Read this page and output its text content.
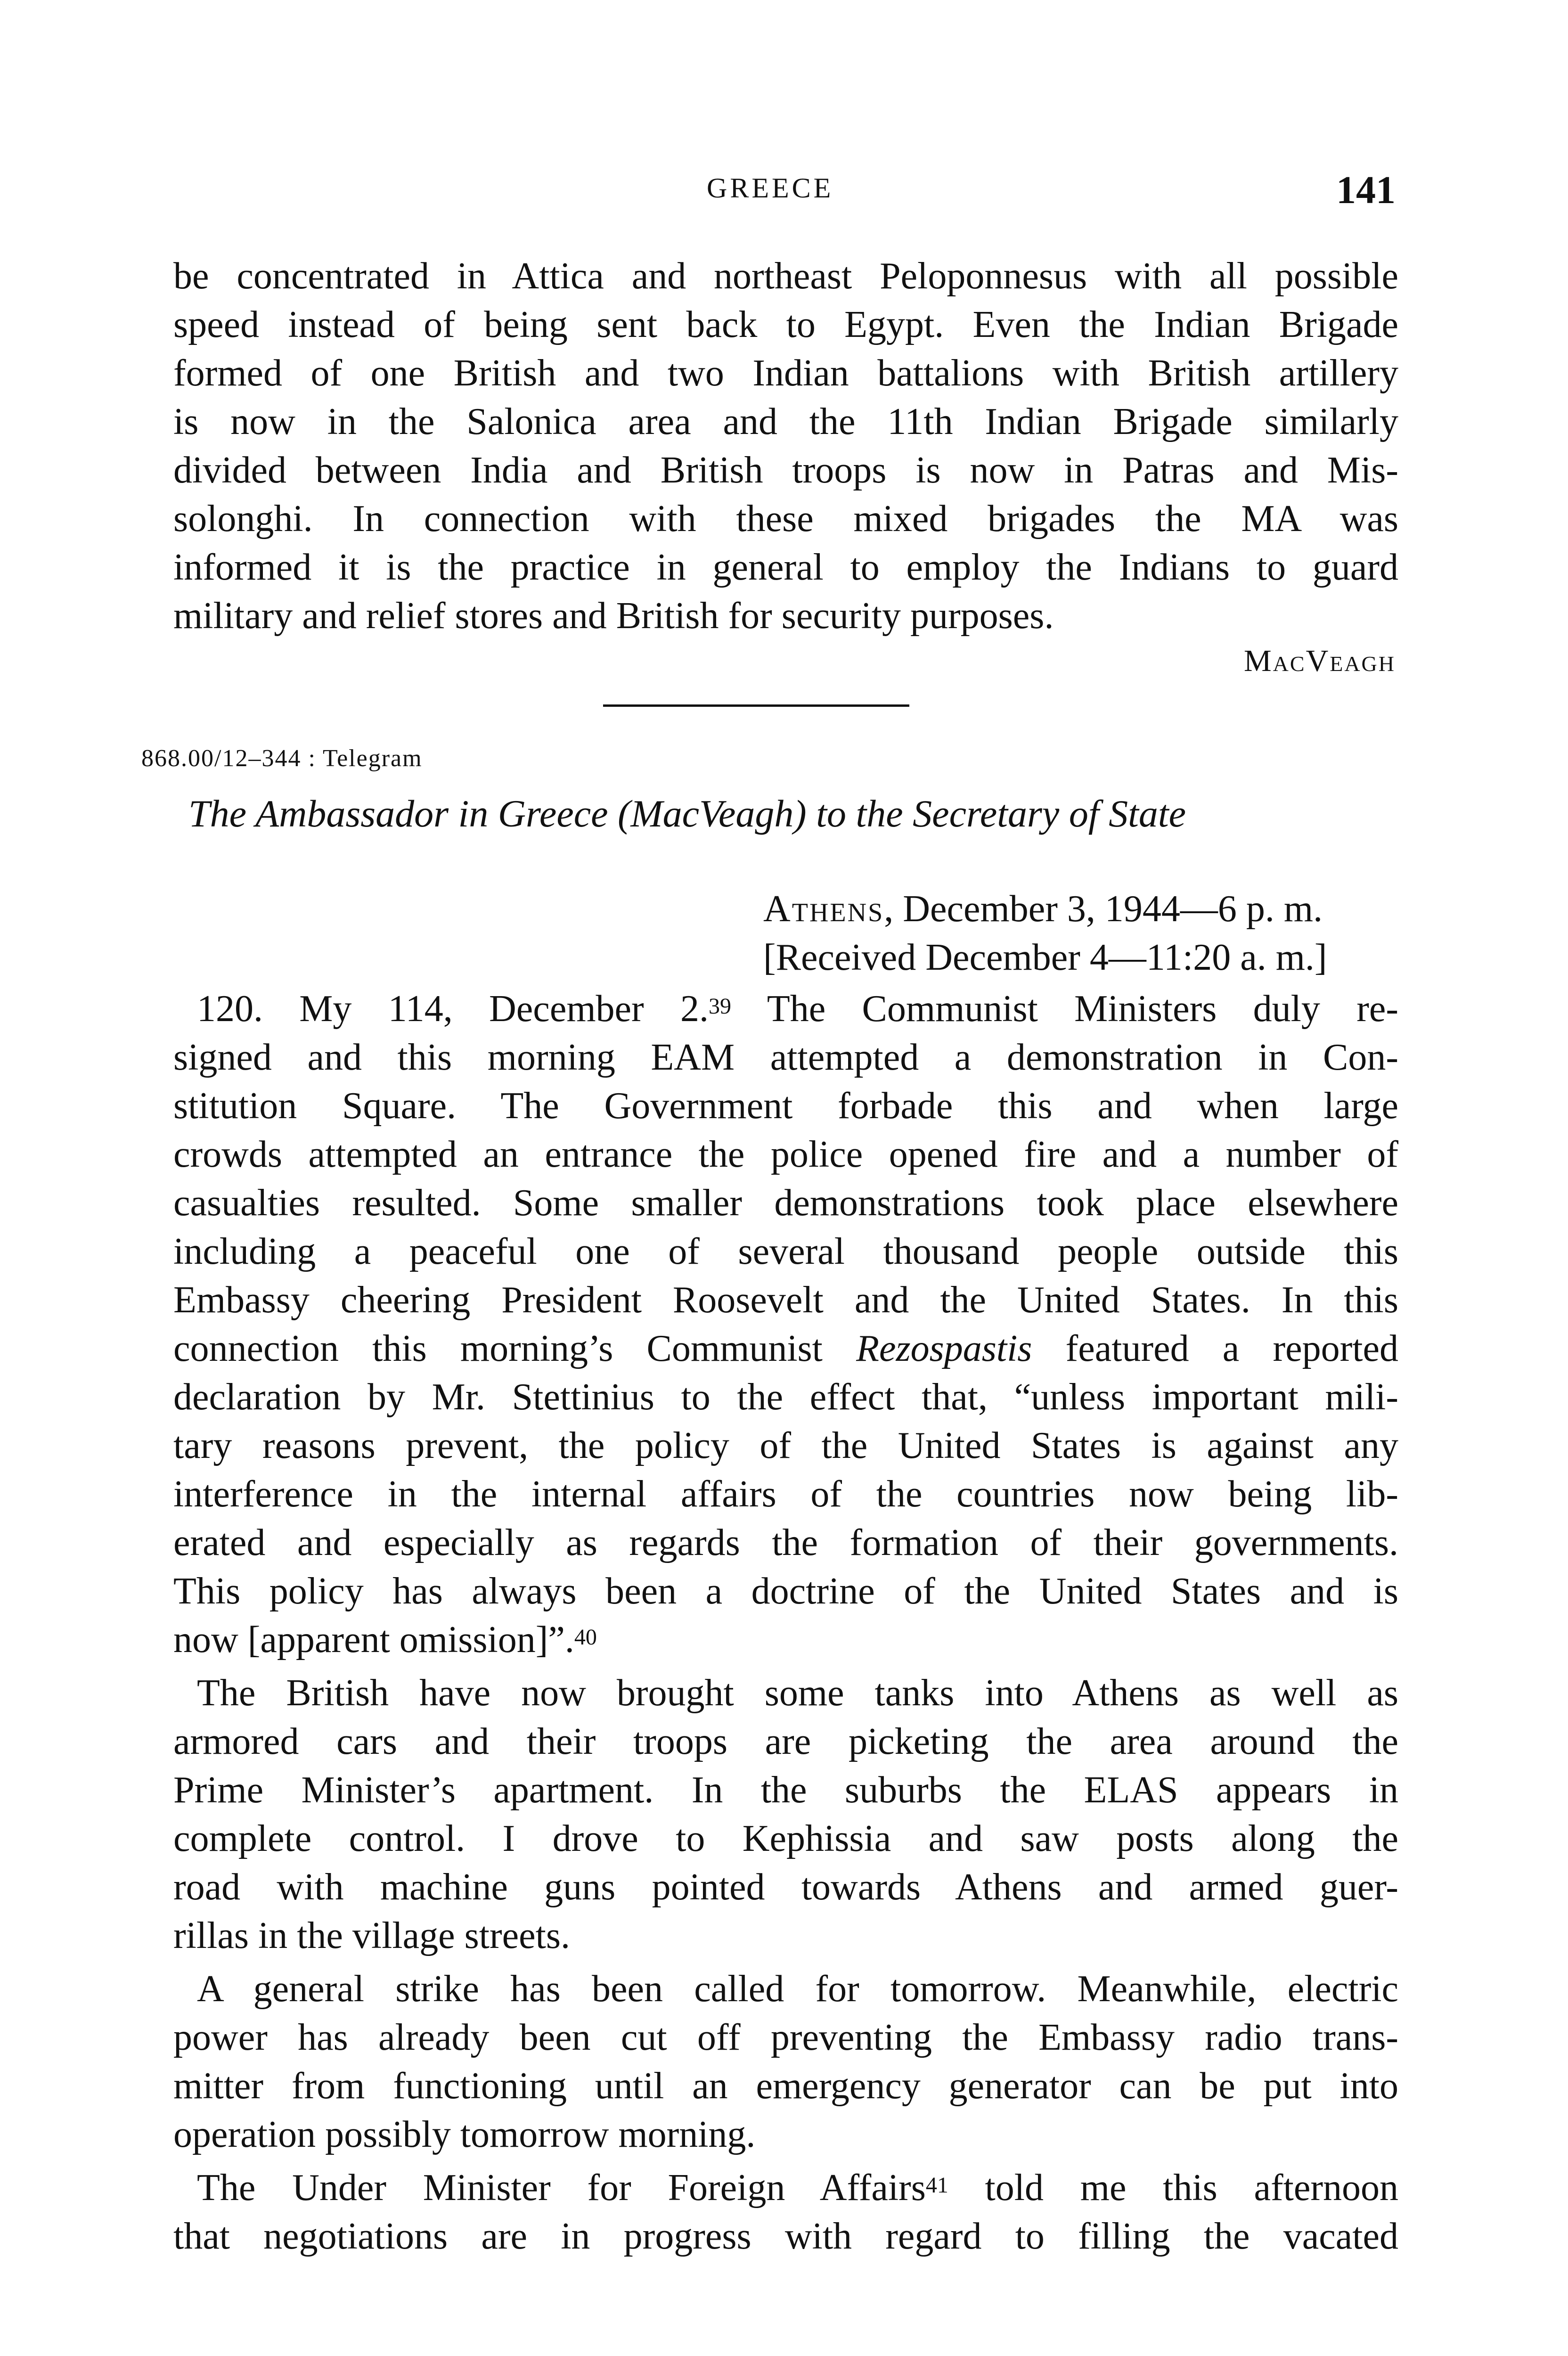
GREECE	141

be concentrated in Attica and northeast Peloponnesus with all possible

speed instead of being sent back to Egypt. Even the Indian Brigade

formed of one British and two Indian battalions with British artillery

is now in the Salonica area and the 11th Indian Brigade similarly

divided between India and British troops is now in Patras and Mis-

solonghi. In connection with these mixed brigades the MA was

informed it is the practice in general to employ the Indians to guard

military and relief stores and British for security purposes.

MacVeagh
868.00/12–344 : Telegram
The Ambassador in Greece (MacVeagh) to the Secretary of State
Athens, December 3, 1944—6 p. m.
[Received December 4—11:20 a. m.]

120. My 114, December 2.39 The Communist Ministers duly re-

signed and this morning EAM attempted a demonstration in Con-

stitution Square. The Government forbade this and when large

crowds attempted an entrance the police opened fire and a number of

casualties resulted. Some smaller demonstrations took place elsewhere

including a peaceful one of several thousand people outside this

Embassy cheering President Roosevelt and the United States. In this

connection this morning’s Communist Rezospastis featured a reported

declaration by Mr. Stettinius to the effect that, “unless important mili-

tary reasons prevent, the policy of the United States is against any

interference in the internal affairs of the countries now being lib-

erated and especially as regards the formation of their governments.

This policy has always been a doctrine of the United States and is

now [apparent omission]”.$^{40}$

The British have now brought some tanks into Athens as well as

armored cars and their troops are picketing the area around the

Prime Minister’s apartment. In the suburbs the ELAS appears in

complete control. I drove to Kephissia and saw posts along the

road with machine guns pointed towards Athens and armed guer-

rillas in the village streets.

A general strike has been called for tomorrow. Meanwhile, electric

power has already been cut off preventing the Embassy radio trans-

mitter from functioning until an emergency generator can be put into

operation possibly tomorrow morning.

The Under Minister for Foreign Affairs$^{41}$ told me this afternoon

that negotiations are in progress with regard to filling the vacated
